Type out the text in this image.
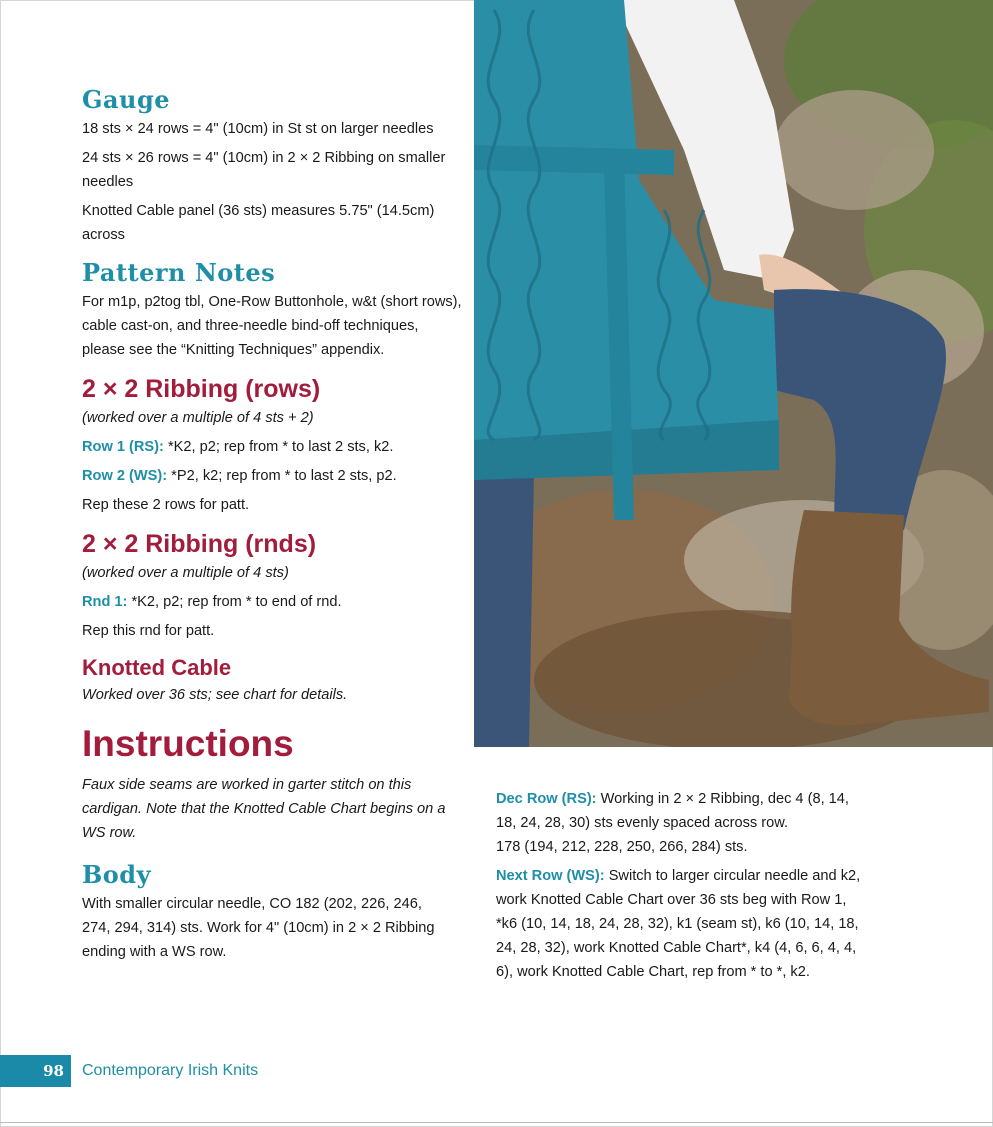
Gauge

18 sts × 24 rows = 4" (10cm) in St st on larger needles

24 sts × 26 rows = 4" (10cm) in 2 × 2 Ribbing on smaller needles

Knotted Cable panel (36 sts) measures 5.75" (14.5cm) across

Pattern Notes

For m1p, p2tog tbl, One-Row Buttonhole, w&t (short rows), cable cast-on, and three-needle bind-off techniques, please see the “Knitting Techniques” appendix.

2 × 2 Ribbing (rows)

(worked over a multiple of 4 sts + 2)

Row 1 (RS): *K2, p2; rep from * to last 2 sts, k2.

Row 2 (WS): *P2, k2; rep from * to last 2 sts, p2.

Rep these 2 rows for patt.

2 × 2 Ribbing (rnds)

(worked over a multiple of 4 sts)

Rnd 1: *K2, p2; rep from * to end of rnd.

Rep this rnd for patt.

Knotted Cable

Worked over 36 sts; see chart for details.

Instructions

Faux side seams are worked in garter stitch on this cardigan. Note that the Knotted Cable Chart begins on a WS row.

Body

With smaller circular needle, CO 182 (202, 226, 246, 274, 294, 314) sts. Work for 4" (10cm) in 2 × 2 Ribbing ending with a WS row.

Dec Row (RS): Working in 2 × 2 Ribbing, dec 4 (8, 14, 18, 24, 28, 30) sts evenly spaced across row.

178 (194, 212, 228, 250, 266, 284) sts.

Next Row (WS): Switch to larger circular needle and k2, work Knotted Cable Chart over 36 sts beg with Row 1, *k6 (10, 14, 18, 24, 28, 32), k1 (seam st), k6 (10, 14, 18, 24, 28, 32), work Knotted Cable Chart*, k4 (4, 6, 6, 4, 4, 6), work Knotted Cable Chart, rep from * to *, k2.

98 Contemporary Irish Knits
